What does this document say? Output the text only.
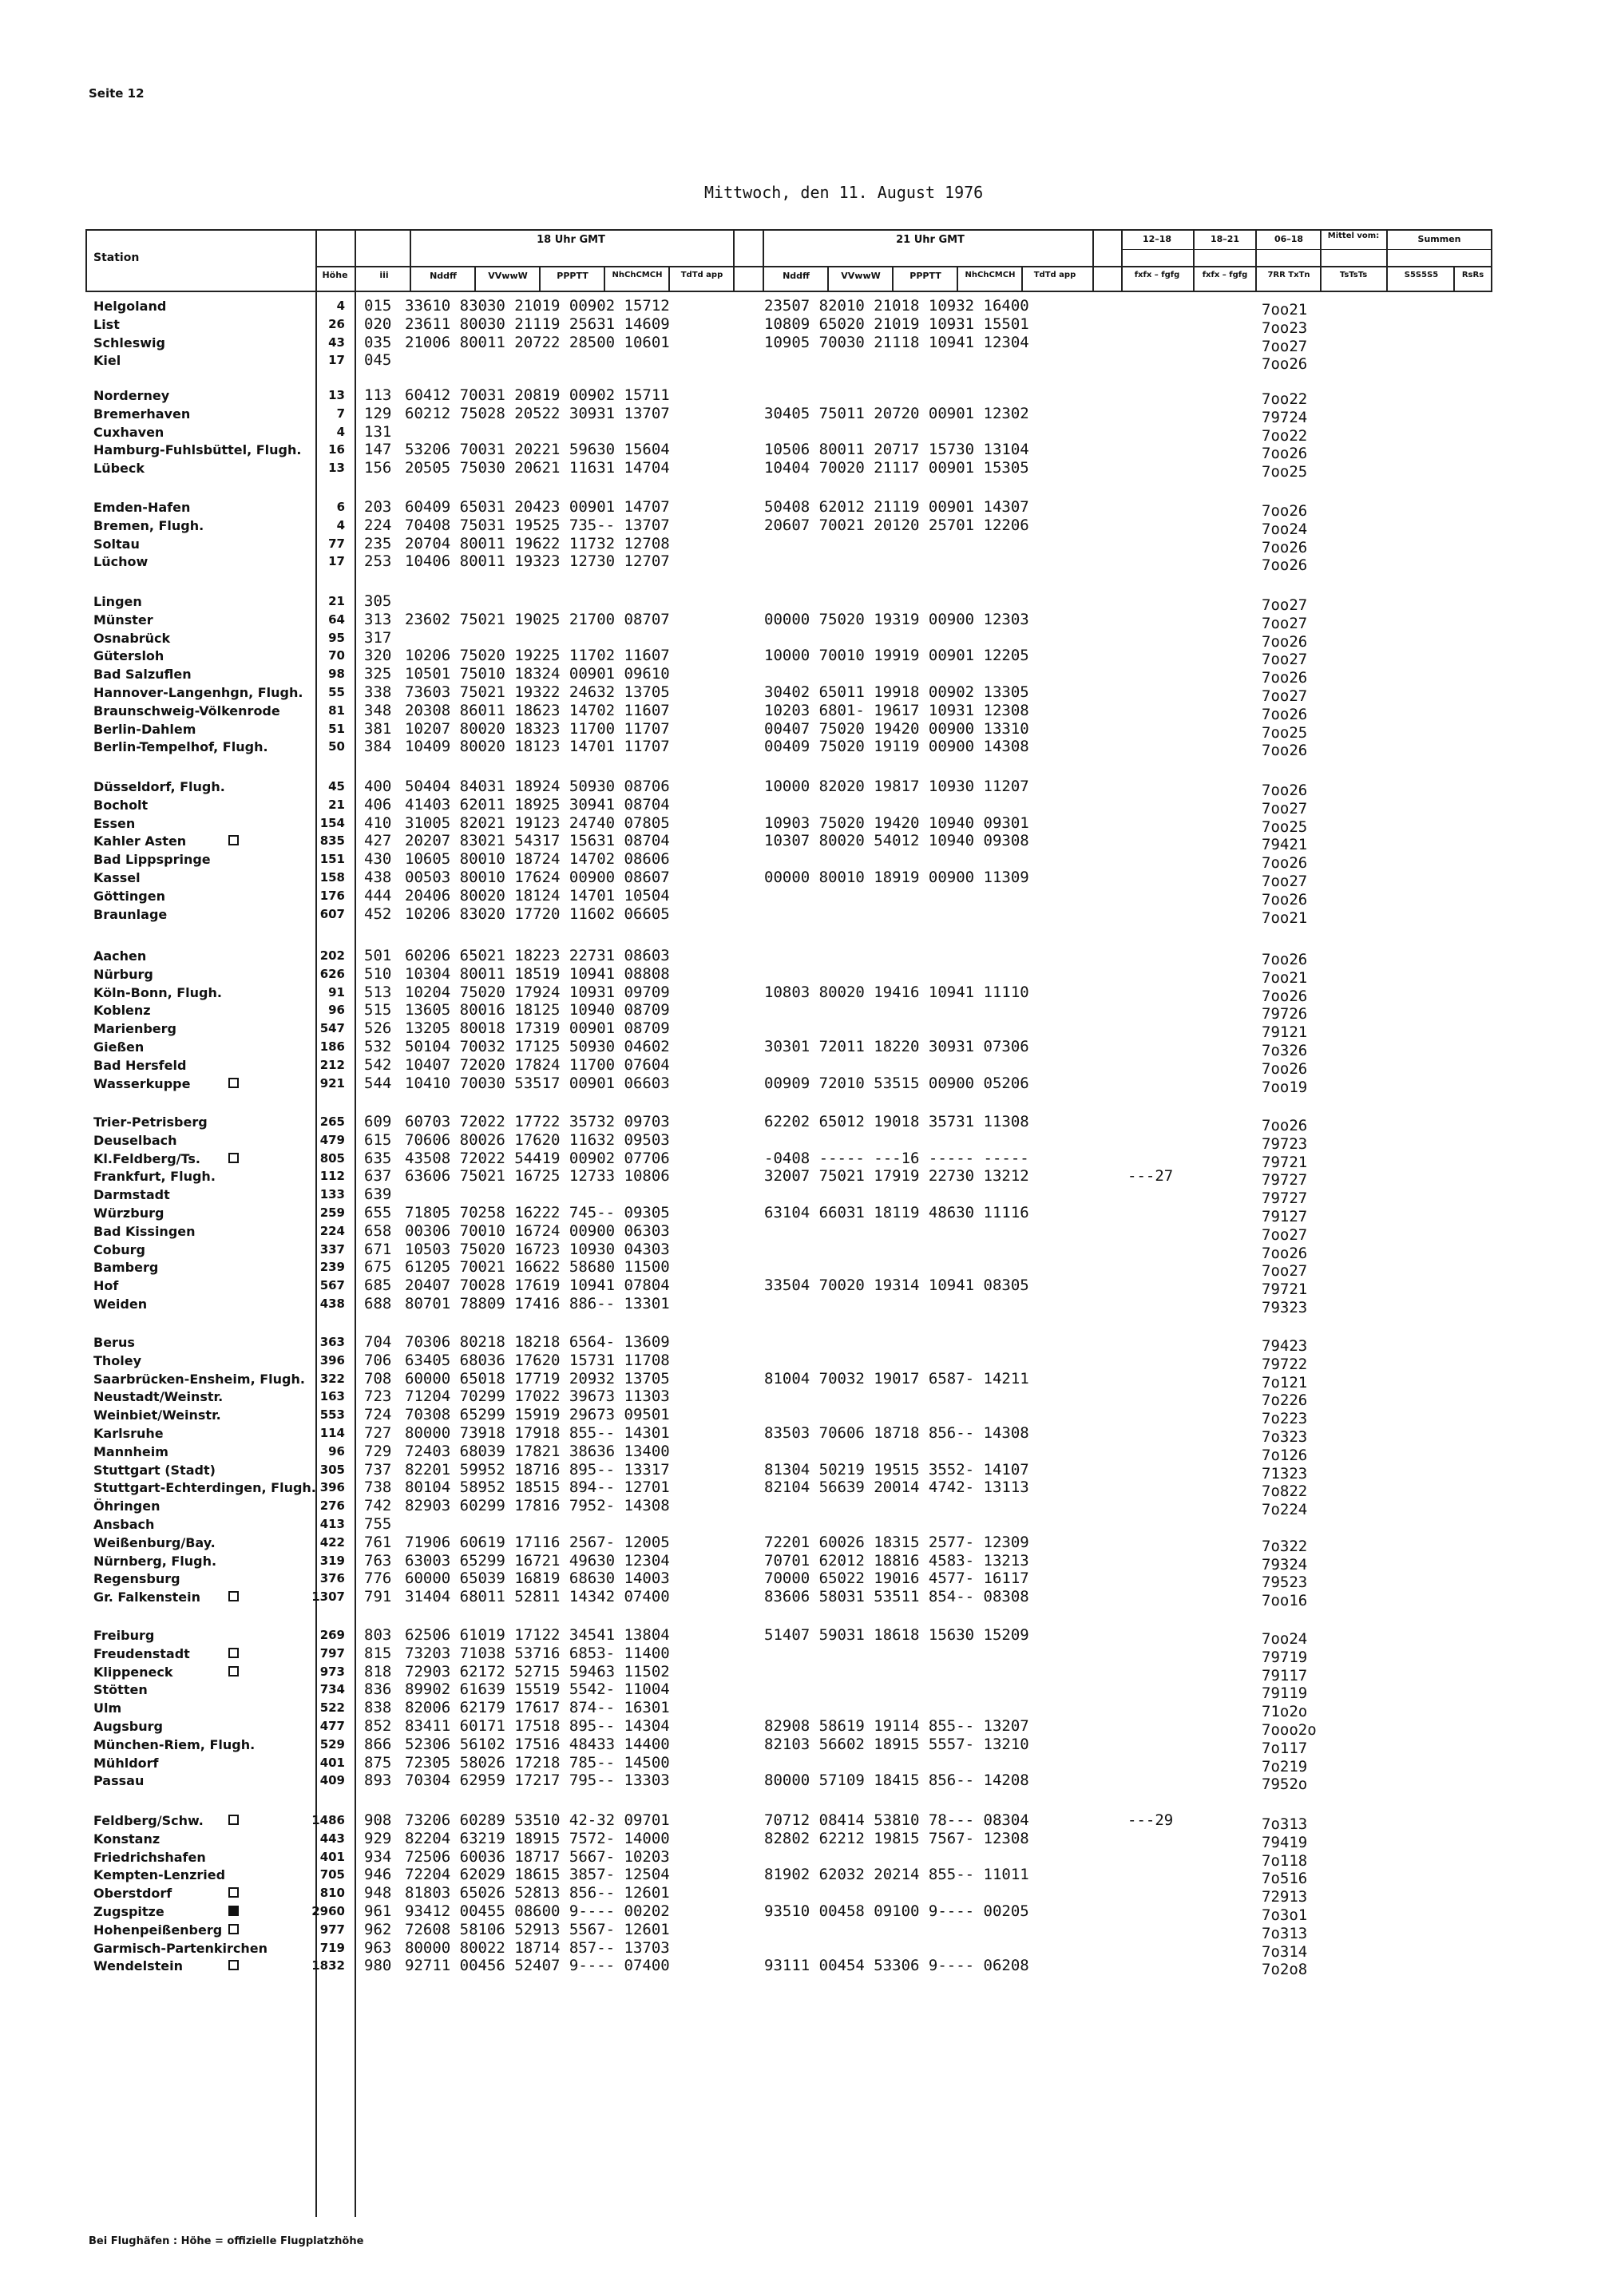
Seite 12
Mittwoch, den 11. August 1976
Station
Höhe	iii
18 Uhr GMT	21 Uhr GMT
Nddff	VVwwW	PPPTT	NhChCMCH	TdTd app	Nddff	VVwwW	PPPTT	NhChCMCH	TdTd app
12–18	18–21	06–18	Mittel vom:	Summen
fxfx – fgfg	fxfx – fgfg	7RR TxTn	TsTsTs	S5S5S5	RsRs
Helgoland	4 015 33610 83030 21019 00902 15712	23507 82010 21018 10932 16400	7oo21
List	26 020 23611 80030 21119 25631 14609	10809 65020 21019 10931 15501	7oo23
Schleswig	43 035 21006 80011 20722 28500 10601	10905 70030 21118 10941 12304	7oo27
Kiel	17 045	7oo26
Norderney	13 113 60412 70031 20819 00902 15711	7oo22
Bremerhaven	7 129 60212 75028 20522 30931 13707	30405 75011 20720 00901 12302	79724
Cuxhaven	4 131	7oo22
Hamburg-Fuhlsbüttel, Flugh. 16 147 53206 70031 20221 59630 15604	10506 80011 20717 15730 13104	7oo26
Lübeck	13 156 20505 75030 20621 11631 14704	10404 70020 21117 00901 15305	7oo25
Emden-Hafen	6 203 60409 65031 20423 00901 14707	50408 62012 21119 00901 14307	7oo26
Bremen, Flugh.	4 224 70408 75031 19525 735-- 13707	20607 70021 20120 25701 12206	7oo24
Soltau	77 235 20704 80011 19622 11732 12708	7oo26
Lüchow	17 253 10406 80011 19323 12730 12707	7oo26
Lingen	21 305	7oo27
Münster	64 313 23602 75021 19025 21700 08707	00000 75020 19319 00900 12303	7oo27
Osnabrück	95 317	7oo26
Gütersloh	70 320 10206 75020 19225 11702 11607	10000 70010 19919 00901 12205	7oo27
Bad Salzuflen	98 325 10501 75010 18324 00901 09610	7oo26
Hannover-Langenhgn, Flugh. 55 338 73603 75021 19322 24632 13705	30402 65011 19918 00902 13305	7oo27
Braunschweig-Völkenrode	81 348 20308 86011 18623 14702 11607	10203 6801- 19617 10931 12308	7oo26
Berlin-Dahlem	51 381 10207 80020 18323 11700 11707	00407 75020 19420 00900 13310	7oo25
Berlin-Tempelhof, Flugh.	50 384 10409 80020 18123 14701 11707	00409 75020 19119 00900 14308	7oo26
Düsseldorf, Flugh.	45 400 50404 84031 18924 50930 08706	10000 82020 19817 10930 11207	7oo26
Bocholt	21 406 41403 62011 18925 30941 08704	7oo27
Essen	154 410 31005 82021 19123 24740 07805	10903 75020 19420 10940 09301	7oo25
Kahler Asten	835 427 20207 83021 54317 15631 08704	10307 80020 54012 10940 09308	79421
Bad Lippspringe	151 430 10605 80010 18724 14702 08606	7oo26
Kassel	158 438 00503 80010 17624 00900 08607	00000 80010 18919 00900 11309	7oo27
Göttingen	176 444 20406 80020 18124 14701 10504	7oo26
Braunlage	607 452 10206 83020 17720 11602 06605	7oo21
Aachen	202 501 60206 65021 18223 22731 08603	7oo26
Nürburg	626 510 10304 80011 18519 10941 08808	7oo21
Köln-Bonn, Flugh.	91 513 10204 75020 17924 10931 09709	10803 80020 19416 10941 11110	7oo26
Koblenz	96 515 13605 80016 18125 10940 08709	79726
Marienberg	547 526 13205 80018 17319 00901 08709	79121
Gießen	186 532 50104 70032 17125 50930 04602	30301 72011 18220 30931 07306	7o326
Bad Hersfeld	212 542 10407 72020 17824 11700 07604	7oo26
Wasserkuppe	921 544 10410 70030 53517 00901 06603	00909 72010 53515 00900 05206	7oo19
Trier-Petrisberg	265 609 60703 72022 17722 35732 09703	62202 65012 19018 35731 11308	7oo26
Deuselbach	479 615 70606 80026 17620 11632 09503	79723
Kl.Feldberg/Ts.	805 635 43508 72022 54419 00902 07706	-0408 ----- ---16 ----- -----	79721
Frankfurt, Flugh.	112 637 63606 75021 16725 12733 10806	32007 75021 17919 22730 13212	---27	79727
Darmstadt	133 639	79727
Würzburg	259 655 71805 70258 16222 745-- 09305	63104 66031 18119 48630 11116	79127
Bad Kissingen	224 658 00306 70010 16724 00900 06303	7oo27
Coburg	337 671 10503 75020 16723 10930 04303	7oo26
Bamberg	239 675 61205 70021 16622 58680 11500	7oo27
Hof	567 685 20407 70028 17619 10941 07804	33504 70020 19314 10941 08305	79721
Weiden	438 688 80701 78809 17416 886-- 13301	79323
Berus	363 704 70306 80218 18218 6564- 13609	79423
Tholey	396 706 63405 68036 17620 15731 11708	79722
Saarbrücken-Ensheim, Flugh. 322 708 60000 65018 17719 20932 13705	81004 70032 19017 6587- 14211	7o121
Neustadt/Weinstr.	163 723 71204 70299 17022 39673 11303	7o226
Weinbiet/Weinstr.	553 724 70308 65299 15919 29673 09501	7o223
Karlsruhe	114 727 80000 73918 17918 855-- 14301	83503 70606 18718 856-- 14308	7o323
Mannheim	96 729 72403 68039 17821 38636 13400	7o126
Stuttgart (Stadt)	305 737 82201 59952 18716 895-- 13317	81304 50219 19515 3552- 14107	71323
Stuttgart-Echterdingen, Flugh. 396 738 80104 58952 18515 894-- 12701	82104 56639 20014 4742- 13113	7o822
Öhringen	276 742 82903 60299 17816 7952- 14308	7o224
Ansbach	413 755
Weißenburg/Bay.	422 761 71906 60619 17116 2567- 12005	72201 60026 18315 2577- 12309	7o322
Nürnberg, Flugh.	319 763 63003 65299 16721 49630 12304	70701 62012 18816 4583- 13213	79324
Regensburg	376 776 60000 65039 16819 68630 14003	70000 65022 19016 4577- 16117	79523
Gr. Falkenstein	1307 791 31404 68011 52811 14342 07400	83606 58031 53511 854-- 08308	7oo16
Freiburg	269 803 62506 61019 17122 34541 13804	51407 59031 18618 15630 15209	7oo24
Freudenstadt	797 815 73203 71038 53716 6853- 11400	79719
Klippeneck	973 818 72903 62172 52715 59463 11502	79117
Stötten	734 836 89902 61639 15519 5542- 11004	79119
Ulm	522 838 82006 62179 17617 874-- 16301	71o2o
Augsburg	477 852 83411 60171 17518 895-- 14304	82908 58619 19114 855-- 13207	7ooo2o
München-Riem, Flugh.	529 866 52306 56102 17516 48433 14400	82103 56602 18915 5557- 13210	7o117
Mühldorf	401 875 72305 58026 17218 785-- 14500	7o219
Passau	409 893 70304 62959 17217 795-- 13303	80000 57109 18415 856-- 14208	7952o
Feldberg/Schw.	1486 908 73206 60289 53510 42-32 09701	70712 08414 53810 78--- 08304	---29	7o313
Konstanz	443 929 82204 63219 18915 7572- 14000	82802 62212 19815 7567- 12308	79419
Friedrichshafen	401 934 72506 60036 18717 5667- 10203	7o118
Kempten-Lenzried	705 946 72204 62029 18615 3857- 12504	81902 62032 20214 855-- 11011	7o516
Oberstdorf	810 948 81803 65026 52813 856-- 12601	72913
Zugspitze	2960 961 93412 00455 08600 9---- 00202	93510 00458 09100 9---- 00205	7o3o1
Hohenpeißenberg	977 962 72608 58106 52913 5567- 12601	7o313
Garmisch-Partenkirchen	719 963 80000 80022 18714 857-- 13703	7o314
Wendelstein	1832 980 92711 00456 52407 9---- 07400	93111 00454 53306 9---- 06208	7o2o8
Bei Flughäfen : Höhe = offizielle Flugplatzhöhe
